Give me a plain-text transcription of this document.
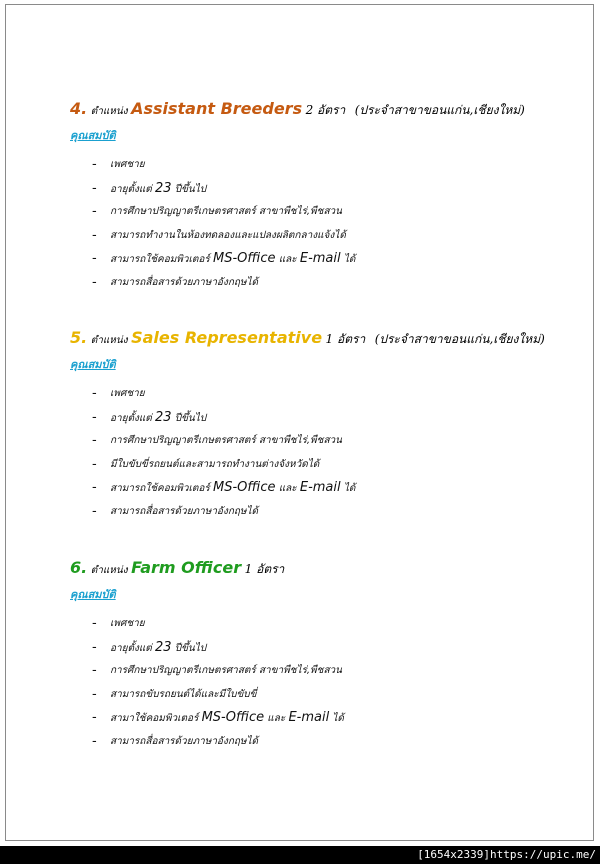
4. ตำแหน่ง Assistant Breeders 2 อัตรา (ประจำสาขาขอนแก่น,เชียงใหม่)
คุณสมบัติ
- เพศชาย
- อายุตั้งแต่ 23 ปีขึ้นไป
- การศึกษาปริญญาตรีเกษตรศาสตร์ สาขาพืชไร่,พืชสวน
- สามารถทำงานในห้องทดลองและแปลงผลิตกลางแจ้งได้
- สามารถใช้คอมพิวเตอร์ MS-Office และ E-mail ได้
- สามารถสื่อสารด้วยภาษาอังกฤษได้
5. ตำแหน่ง Sales Representative 1 อัตรา (ประจำสาขาขอนแก่น,เชียงใหม่)
คุณสมบัติ
- เพศชาย
- อายุตั้งแต่ 23 ปีขึ้นไป
- การศึกษาปริญญาตรีเกษตรศาสตร์ สาขาพืชไร่,พืชสวน
- มีใบขับขี่รถยนต์และสามารถทำงานต่างจังหวัดได้
- สามารถใช้คอมพิวเตอร์ MS-Office และ E-mail ได้
- สามารถสื่อสารด้วยภาษาอังกฤษได้
6. ตำแหน่ง Farm Officer 1 อัตรา
คุณสมบัติ
- เพศชาย
- อายุตั้งแต่ 23 ปีขึ้นไป
- การศึกษาปริญญาตรีเกษตรศาสตร์ สาขาพืชไร่,พืชสวน
- สามารถขับรถยนต์ได้และมีใบขับขี่
- สามาใช้คอมพิวเตอร์ MS-Office และ E-mail ได้
- สามารถสื่อสารด้วยภาษาอังกฤษได้
[1654x2339]https://upic.me/
